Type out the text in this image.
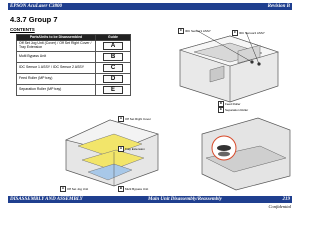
EPSON AcuLaser C3800	Revision B
4.3.7 Group 7
CONTENTS
Parts/Units to be Disassembled	Guide
Off Set Jog Unit (Cover) / Off Set Right Cover / Tray Extension	A
Multi Bypass Unit	B
IDC Sensor 1 ASSY / IDC Sensor 2 ASSY	C
Feed Roller (MP tray)	D
Separation Roller (MP tray)	E
C IDC Sensor1 ASSY	C IDC Sensor2 ASSY
A Off Set Right Cover
A Tray Extension
A Off Set Jog Unit	B Multi Bypass Unit
D Feed Roller
E	Separation Roller
DISASSEMBLY AND ASSEMBLY	Main Unit Disassembly/Reassembly	219
Confidential
